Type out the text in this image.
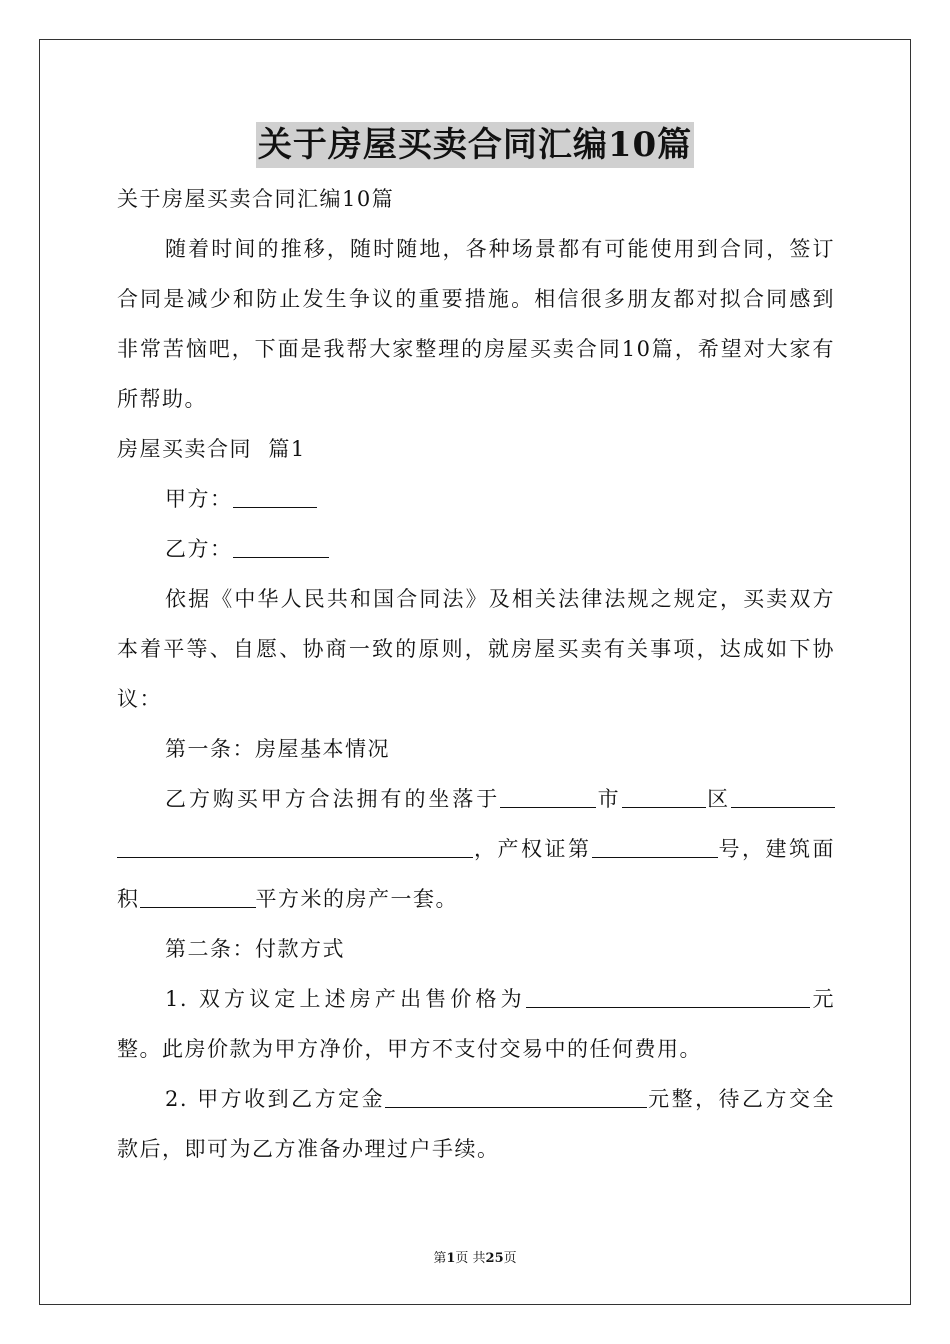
关于房屋买卖合同汇编10篇

关于房屋买卖合同汇编10篇

随着时间的推移，随时随地，各种场景都有可能使用到合同，签订合同是减少和防止发生争议的重要措施。相信很多朋友都对拟合同感到非常苦恼吧，下面是我帮大家整理的房屋买卖合同10篇，希望对大家有所帮助。

房屋买卖合同  篇1

甲方：

乙方：

依据《中华人民共和国合同法》及相关法律法规之规定，买卖双方本着平等、自愿、协商一致的原则，就房屋买卖有关事项，达成如下协议：

第一条：房屋基本情况

乙方购买甲方合法拥有的坐落于	市	区，产权证第	号，建筑面积	平方米的房产一套。

第二条：付款方式

1. 双方议定上述房产出售价格为	元整。此房价款为甲方净价，甲方不支付交易中的任何费用。

2. 甲方收到乙方定金	元整，待乙方交全款后，即可为乙方准备办理过户手续。

第1页 共25页
